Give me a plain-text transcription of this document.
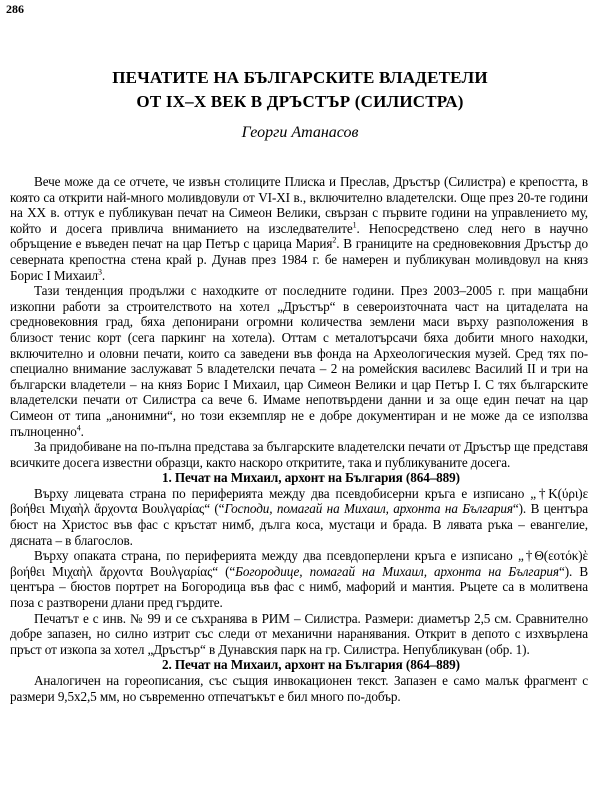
286
ПЕЧАТИТЕ НА БЪЛГАРСКИТЕ ВЛАДЕТЕЛИ
ОТ IX–X ВЕК В ДРЪСТЪР (СИЛИСТРА)
Георги Атанасов

Вече може да се отчете, че извън столиците Плиска и Преслав, Дръстър (Силистра) е крепостта, в която са открити най-много моливдовули от VI-XI в., включително владетелски. Още през 20-те години на XX в. оттук е публикуван печат на Симеон Велики, свързан с първите години на управлението му, който и досега привлича вниманието на изследвателите$^1$. Непосредствено след него в научно обръщение е въведен печат на цар Петър с царица Мария$^2$. В границите на средновековния Дръстър до северната крепостна стена край р. Дунав през 1984 г. бе намерен и публикуван моливдовул на княз Борис I Михаил$^3$.

Тази тенденция продължи с находките от последните години. През 2003–2005 г. при мащабни изкопни работи за строителството на хотел „Дръстър“ в североизточната част на цитаделата на средновековния град, бяха депонирани огромни количества землени маси върху разположения в близост тенис корт (сега паркинг на хотела). Оттам с металотърсачи бяха добити много находки, включително и оловни печати, които са заведени във фонда на Археологическия музей. Сред тях по-специално внимание заслужават 5 владетелски печата – 2 на ромейския василевс Василий II и три на български владетели – на княз Борис I Михаил, цар Симеон Велики и цар Петър I. С тях българските владетелски печати от Силистра са вече 6. Имаме непотвърдени данни и за още един печат на цар Симеон от типа „анонимни“, но този екземпляр не е добре документиран и не може да се използва пълноценно$^4$.

За придобиване на по-пълна представа за българските владетелски печати от Дръстър ще представя всичките досега известни образци, както наскоро откритите, така и публикуваните досега.

1. Печат на Михаил, архонт на България (864–889)

Върху лицевата страна по периферията между два псевдобисерни кръга е изписано „†K(ύρι)ε βοήθει Μιχαὴλ ἄρχοντα Βουλγαρίας“ (“Господи, помагай на Михаил, архонта на България“). В центъра бюст на Христос във фас с кръстат нимб, дълга коса, мустаци и брада. В лявата ръка – евангелие, дясната – в благослов.

Върху опаката страна, по периферията между два псевдоперлени кръга е изписано „†Θ(εοτόκ)ὲ βοήθει Μιχαὴλ ἄρχοντα Βουλγαρίας“ (“Богородице, помагай на Михаил, архонта на България“). В центъра – бюстов портрет на Богородица във фас с нимб, мафорий и мантия. Ръцете са в молитвена поза с разтворени длани пред гърдите.

Печатът е с инв. № 99 и се съхранява в РИМ – Силистра. Размери: диаметър 2,5 см. Сравнително добре запазен, но силно изтрит със следи от механични наранявания. Открит в депото с изхвърлена пръст от изкопа за хотел „Дръстър“ в Дунавския парк на гр. Силистра. Непубликуван (обр. 1).

2. Печат на Михаил, архонт на България (864–889)

Аналогичен на гореописания, със същия инвокационен текст. Запазен е само малък фрагмент с размери 9,5х2,5 мм, но съвременно отпечатъкът е бил много по-добър.
